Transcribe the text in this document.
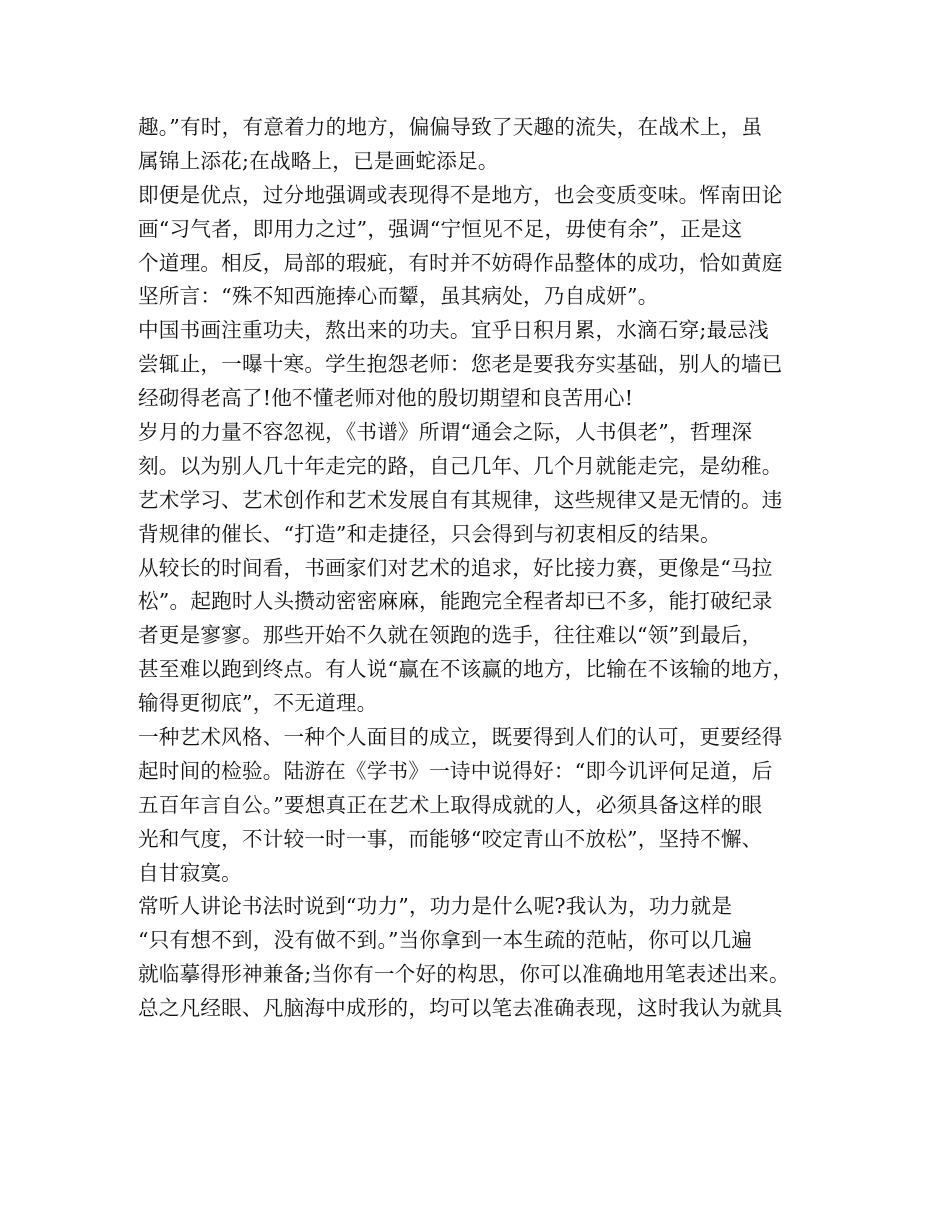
趣。”有时，有意着力的地方，偏偏导致了天趣的流失，在战术上，虽
属锦上添花;在战略上，已是画蛇添足。
即便是优点，过分地强调或表现得不是地方，也会变质变味。恽南田论
画“习气者，即用力之过”，强调“宁恒见不足，毋使有余”，正是这
个道理。相反，局部的瑕疵，有时并不妨碍作品整体的成功，恰如黄庭
坚所言：“殊不知西施捧心而颦，虽其病处，乃自成妍”。
中国书画注重功夫，熬出来的功夫。宜乎日积月累，水滴石穿;最忌浅
尝辄止，一曝十寒。学生抱怨老师：您老是要我夯实基础，别人的墙已
经砌得老高了!他不懂老师对他的殷切期望和良苦用心!
岁月的力量不容忽视，《书谱》所谓“通会之际，人书俱老”，哲理深
刻。以为别人几十年走完的路，自己几年、几个月就能走完，是幼稚。
艺术学习、艺术创作和艺术发展自有其规律，这些规律又是无情的。违
背规律的催长、“打造”和走捷径，只会得到与初衷相反的结果。
从较长的时间看，书画家们对艺术的追求，好比接力赛，更像是“马拉
松”。起跑时人头攒动密密麻麻，能跑完全程者却已不多，能打破纪录
者更是寥寥。那些开始不久就在领跑的选手，往往难以“领”到最后，
甚至难以跑到终点。有人说“赢在不该赢的地方，比输在不该输的地方，
输得更彻底”，不无道理。
一种艺术风格、一种个人面目的成立，既要得到人们的认可，更要经得
起时间的检验。陆游在《学书》一诗中说得好：“即今讥评何足道，后
五百年言自公。”要想真正在艺术上取得成就的人，必须具备这样的眼
光和气度，不计较一时一事，而能够“咬定青山不放松”，坚持不懈、
自甘寂寞。
常听人讲论书法时说到“功力”，功力是什么呢?我认为，功力就是
“只有想不到，没有做不到。”当你拿到一本生疏的范帖，你可以几遍
就临摹得形神兼备;当你有一个好的构思，你可以准确地用笔表述出来。
总之凡经眼、凡脑海中成形的，均可以笔去准确表现，这时我认为就具
